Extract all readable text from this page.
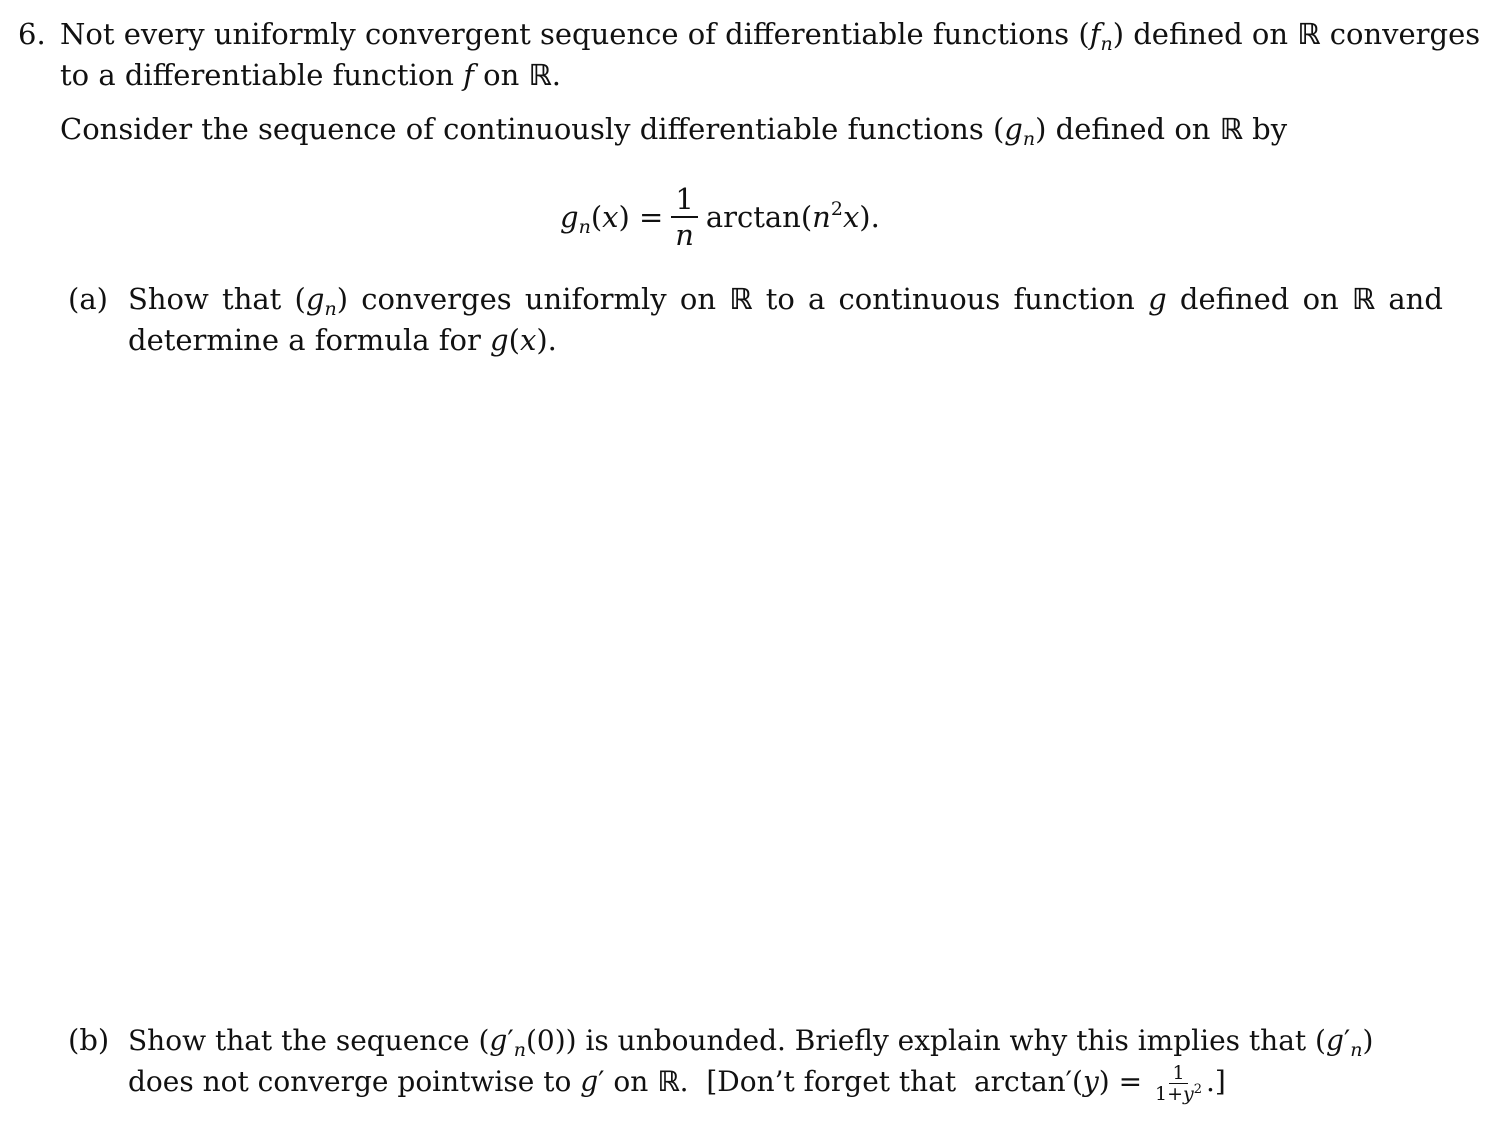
6. Not every uniformly convergent sequence of differentiable functions $(f_n)$ defined on ℝ converges
to a differentiable function f on ℝ.
Consider the sequence of continuously differentiable functions $(g_n)$ defined on ℝ by
$g_n(x) = \frac{1}{n} \arctan(n^2x)$.
(a) Show that $(g_n)$ converges uniformly on ℝ to a continuous function g defined on ℝ and
determine a formula for g(x).
(b) Show that the sequence $(g'_n(0))$ is unbounded. Briefly explain why this implies that $(g'_n)$
does not converge pointwise to g′ on ℝ.  [Don’t forget that  $\arctan'(y) = \frac{1}{1+y^2}$ .]
